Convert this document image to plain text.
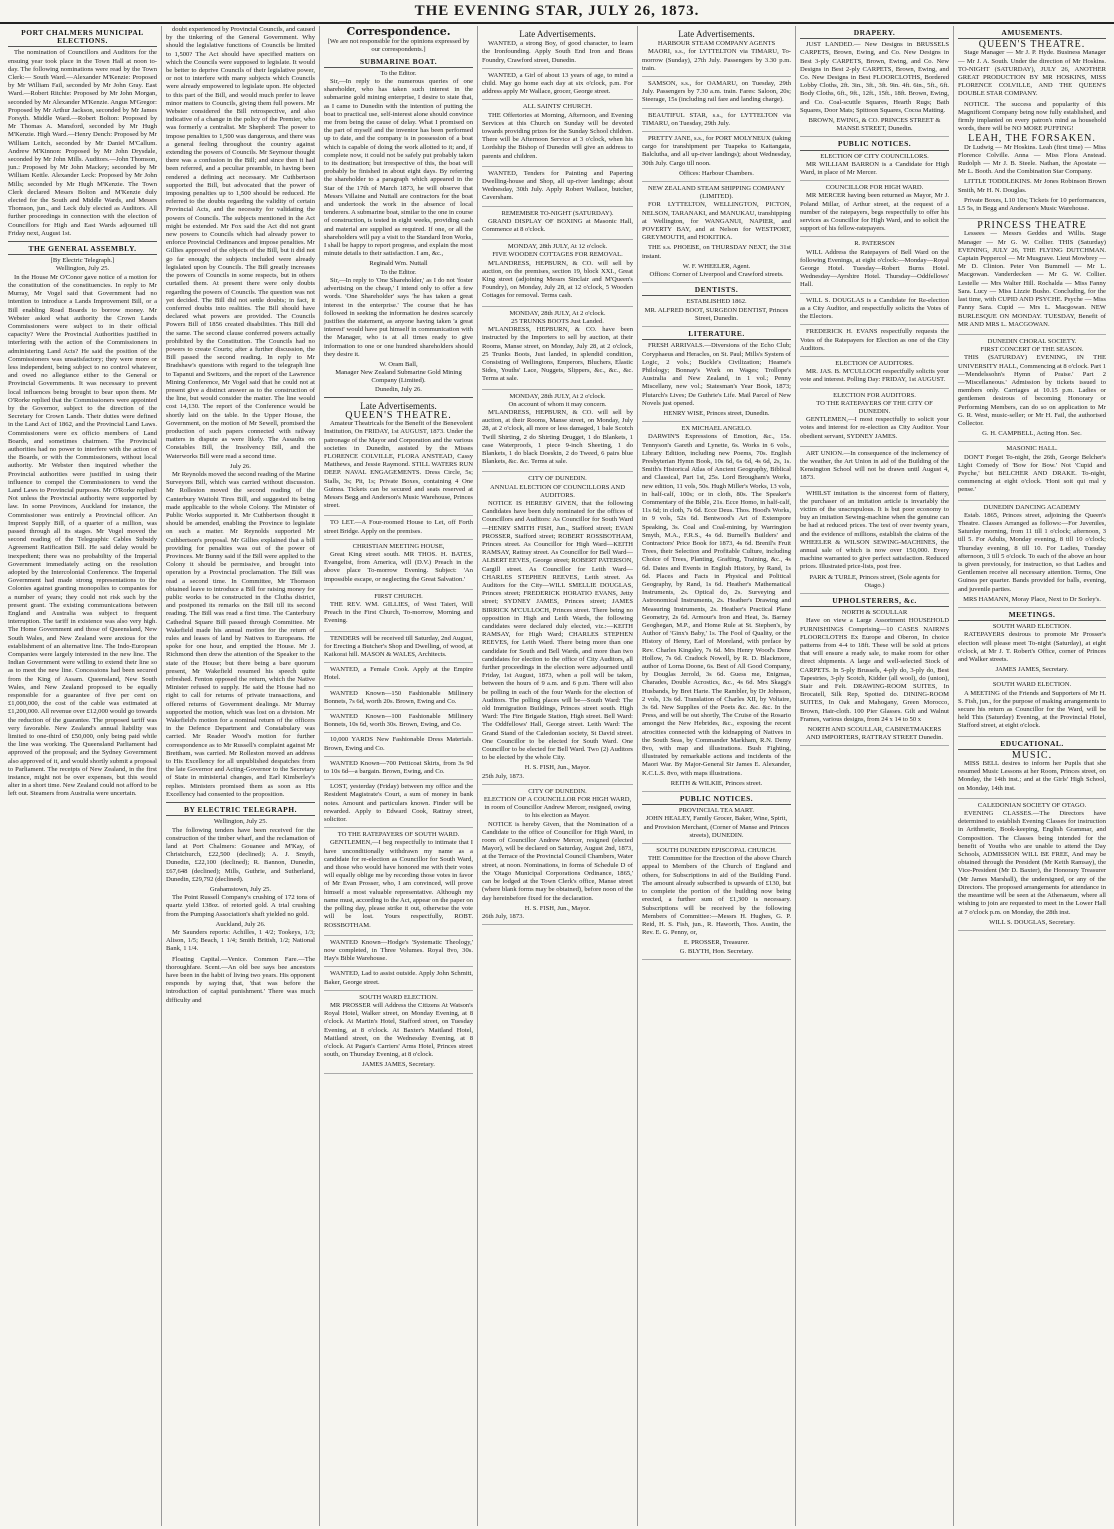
THE EVENING STAR, JULY 26, 1873.
PORT CHALMERS MUNICIPAL ELECTIONS.

The nomination of Councillors and Auditors for the ensuing year took place in the Town Hall at noon to-day. The following nominations were read by the Town Clerk:— South Ward.—Alexander M'Kenzie: Proposed by Mr William Fail, seconded by Mr John Gray. East Ward.—Robert Ritchie: Proposed by Mr John Morgan, seconded by Mr Alexander M'Kenzie. Angus M'Gregor: Proposed by Mr Arthur Jackson, seconded by Mr James Forsyth. Middle Ward.—Robert Bolton: Proposed by Mr Thomas A. Mansford, seconded by Mr Hugh M'Kenzie. High Ward.—Henry Dench: Proposed by Mr William Leitch, seconded by Mr Daniel M'Callum. Andrew M'Kinnon: Proposed by Mr John Drysdale, seconded by Mr John Mills. Auditors.—John Thomson, jun.: Proposed by Mr John Mackey; seconded by Mr William Kettle. Alexander Leck: Proposed by Mr John Mills; seconded by Mr Hugh M'Kenzie. The Town Clerk declared Messrs Bolton and M'Kenzie duly elected for the South and Middle Wards, and Messrs Thomson, jun., and Leck duly elected as Auditors. All further proceedings in connection with the election of Councillors for High and East Wards adjourned till Friday next, August 1st.

THE GENERAL ASSEMBLY.
[By Electric Telegraph.]
Wellington, July 25.

In the House Mr O'Conor gave notice of a motion for the constitution of the constituencies. In reply to Mr Murray, Mr Vogel said that Government had no intention to introduce a Lands Improvement Bill, or a Bill enabling Road Boards to borrow money. Mr Webster asked what authority the Crown Lands Commissioners were subject to in their official capacity? Were the Provincial Authorities justified in interfering with the action of the Commissioners in administering Land Acts? He said the position of the Commissioners was unsatisfactory; they were more or less independent, being subject to no control whatever, and owed no allegiance either to the General or Provincial Governments. It was necessary to prevent local influences being brought to bear upon them. Mr O'Rorke replied that the Commissioners were appointed by the Governor, subject to the direction of the Secretary for Crown Lands. Their duties were defined in the Land Act of 1862, and the Provincial Land Laws. Commissioners were ex officio members of Land Boards, and sometimes chairmen. The Provincial authorities had no power to interfere with the action of the Boards, or with the Commissioners, without local authority. Mr Webster then inquired whether the Provincial authorities were justified in using their influence to compel the Commissioners to vend the Land Laws to Provincial purposes. Mr O'Rorke replied: Not unless the Provincial authority were supported by law. In some Provinces, Auckland for instance, the Commissioner was entirely a Provincial officer. An Imprest Supply Bill, of a quarter of a million, was passed through all its stages. Mr Vogel moved the second reading of the Telegraphic Cables Subsidy Agreement Ratification Bill. He said delay would be inexpedient; there was no probability of the Imperial Government immediately acting on the resolution adopted by the Intercolonial Conference. The Imperial Government had made strong representations to the Colonies against granting monopolies to companies for a number of years; they could not risk such by the present grant. The existing communications between England and Australia was subject to frequent interruption. The tariff in existence was also very high. The Home Government and those of Queensland, New South Wales, and New Zealand were anxious for the establishment of an alternative line. The Indo-European Companies were largely interested in the new line. The Indian Government were willing to extend their line so as to meet the new line. Concessions had been secured from the King of Assam. Queensland, New South Wales, and New Zealand proposed to be equally responsible for a guarantee of five per cent on £1,000,000, the cost of the cable was estimated at £1,200,000. All revenue over £12,000 would go towards the reduction of the guarantee. The proposed tariff was very favorable. New Zealand's annual liability was limited to one-third of £50,000, only being paid while the line was working. The Queensland Parliament had approved of the proposal; and the Sydney Government also approved of it, and would shortly submit a proposal to Parliament. The receipts of New Zealand, in the first instance, might not be over expenses, but this would alter in a short time. New Zealand could not afford to be left out. Steamers from Australia were uncertain.

doubt experienced by Provincial Councils, and caused by the tinkering of the General Government. Why should the legislative functions of Councils be limited to 1,500? The Act should have specified matters on which the Councils were supposed to legislate. It would be better to deprive Councils of their legislative power, or not to interfere with many subjects which Councils were already empowered to legislate upon. He objected to this part of the Bill, and would much prefer to leave minor matters to Councils, giving them full powers. Mr Webster considered the Bill retrospective, and also indicative of a change in the policy of the Premier, who was formerly a centralist. Mr Shepherd: The power to impose penalties to 1,500 was dangerous, and there was a general feeling throughout the country against extending the powers of Councils. Mr Seymour thought there was a confusion in the Bill; and since then it had been referred, and a peculiar preamble, in having been rendered a defining act necessary. Mr Cuthbertson supported the Bill, but advocated that the power of imposing penalties up to 1,500 should be reduced. He referred to the doubts regarding the validity of certain Provincial Acts, and the necessity for validating the powers of Councils. The subjects mentioned in the Act might be extended. Mr Fox said the Act did not grant new powers to Councils which had already power to enforce Provincial Ordinances and impose penalties. Mr Gillies approved of the objects of the Bill, but it did not go far enough; the subjects included were already legislated upon by Councils. The Bill greatly increases the powers of Councils in some respects, but in others curtailed them. At present there were only doubts regarding the powers of Councils. The question was not yet decided. The Bill did not settle doubts; in fact, it conferred doubts into realities. The Bill should have declared what powers are provided. The Councils Powers Bill of 1856 created disabilities. This Bill did the same. The second clause conferred powers actually prohibited by the Constitution. The Councils had no powers to create Courts; after a further discussion, the Bill passed the second reading. In reply to Mr Bradshaw's questions with regard to the telegraph line to Tapanui and Switzers, and the report of the Lawrence Mining Conference, Mr Vogel said that he could not at present give a distinct answer as to the construction of the line, but would consider the matter. The line would cost 14,130. The report of the Conference would be shortly laid on the table. In the Upper House, the Government, on the motion of Mr Sewell, promised the production of such papers connected with railway matters in dispute as were likely. The Assaults on Constables Bill, the Insolvency Bill, and the Waterworks Bill were read a second time.

July 26.

Mr Reynolds moved the second reading of the Marine Surveyors Bill, which was carried without discussion. Mr Rolleston moved the second reading of the Canterbury Waitohi Tires Bill, and suggested its being made applicable to the whole Colony. The Minister of Public Works supported it. Mr Cuthbertson thought it should be amended, enabling the Province to legislate on such a matter. Mr Reynolds supported Mr Cuthbertson's proposal. Mr Gillies explained that a bill providing for penalties was out of the power of Provinces. Mr Bunny said if the Bill were applied to the Colony it should be permissive, and brought into operation by a Provincial proclamation. The Bill was read a second time. In Committee, Mr Thomson obtained leave to introduce a Bill for raising money for public works to be constructed in the Clutha district, and postponed its remarks on the Bill till its second reading. The Bill was read a first time. The Canterbury Cathedral Square Bill passed through Committee. Mr Wakefield made his annual motion for the return of rules and leases of land by Natives to Europeans. He spoke for one hour, and emptied the House. Mr J. Richmond then drew the attention of the Speaker to the state of the House; but there being a bare quorum present, Mr Wakefield resumed his speech quite refreshed. Fenton opposed the return, which the Native Minister refused to supply. He said the House had no right to call for returns of private transactions, and offered returns of Government dealings. Mr Murray supported the motion, which was lost on a division. Mr Wakefield's motion for a nominal return of the officers in the Defence Department and Constabulary was carried. Mr Reader Wood's motion for further correspondence as to Mr Russell's complaint against Mr Brettham, was carried. Mr Rolleston moved an address to His Excellency for all unpublished despatches from the late Governor and Acting-Governor to the Secretary of State in ministerial changes, and Earl Kimberley's replies. Ministers promised them as soon as His Excellency had consented to the proposition.

BY ELECTRIC TELEGRAPH.
Wellington, July 25.

The following tenders have been received for the construction of the timber wharf, and the reclamation of land at Port Chalmers: Gouanee and M'Kay, of Christchurch, £22,500 (declined); A. J. Smyth, Dunedin, £22,100 (declined); R. Bannon, Dunedin, £67,648 (declined); Mills, Guthrie, and Sutherland, Dunedin, £29,792 (declined).

Grahamstown, July 25.

The Point Russell Company's crushing of 172 tons of quartz yield 138oz. of retorted gold. A trial crushing from the Pumping Association's shaft yielded no gold.

Auckland, July 26.

Mr Saunders reports: Achilles, 1 4/2; Tookeys, 1/3; Alison, 1/5; Beach, 1 1/4; Smith British, 1/2; National Bank, 1 1/4.

Floating Capital.—Venice. Common Fare.—The thoroughfare. Scent.—An old bee says bee ancestors have been in the habit of living two years. His opponent responds by saying that, 'that was before the introduction of capital punishment.' There was much difficulty and

Correspondence.
[We are not responsible for the opinions expressed by our correspondents.]
SUBMARINE BOAT.
To the Editor.

Sir,—In reply to the numerous queries of one shareholder, who has taken such interest in the submarine gold mining enterprise, I desire to state that, as I came to Dunedin with the intention of putting the boat to practical use, self-interest alone should convince me from being the cause of delay. What I promised on the part of myself and the inventor has been performed up to date, and the company is in possession of a boat which is capable of doing the work allotted to it; and, if complete now, it could not be safely put probably taken to its destination; but irrespective of this, the boat will probably be finished in about eight days. By referring the shareholder to a paragraph which appeared in the Star of the 17th of March 1873, he will observe that Messrs Villaine and Nuttall are contractors for the boat and undertook the work in the absence of local tenderers. A submarine boat, similar to the one in course of construction, is tested in eight weeks, providing cash and material are supplied as required. If one, or all the shareholders will pay a visit to the Standard Iron Works, I shall be happy to report progress, and explain the most minute details to their satisfaction. I am, &c.,

Reginald Wm. Nuttall
To the Editor.

Sir,—In reply to 'One Shareholder,' as I do not 'foster advertising on the cheap,' I intend only to offer a few words. 'One Shareholder' says 'he has taken a great interest in the enterprise.' The course that he has followed in seeking the information he desires scarcely justifies the statement, as anyone having taken 'a great interest' would have put himself in communication with the Manager, who is at all times ready to give information to one or one hundred shareholders should they desire it.

W. Oram Ball,
Manager New Zealand Submarine Gold Mining Company (Limited).
Dunedin, July 26.
Late Advertisements.
QUEEN'S THEATRE.
Amateur Theatricals for the Benefit of the Benevolent Institution, On FRIDAY, 1st AUGUST, 1873. Under the patronage of the Mayor and Corporation and the various societies in Dunedin, assisted by the Misses FLORENCE COLVILLE, FLORA ANSTEAD, Cassy Matthews, and Jessie Raymond. STILL WATERS RUN DEEP. NAVAL ENGAGEMENTS. Dress Circle, 5s; Stalls, 3s; Pit, 1s; Private Boxes, containing 4 One Guinea. Tickets can be secured and seats reserved at Messrs Begg and Anderson's Music Warehouse, Princes street.
TO LET.—A Four-roomed House to Let, off Forth street Bridge. Apply on the premises.
CHRISTIAN MEETING HOUSE,
Great King street south. MR THOS. H. BATES, Evangelist, from America, will (D.V.) Preach in the above place To-morrow Evening. Subject: 'An impossible escape, or neglecting the Great Salvation.'
FIRST CHURCH.
THE REV. WM. GILLIES, of West Taieri, Will Preach in the First Church, To-morrow, Morning and Evening.
TENDERS will be received till Saturday, 2nd August, for Erecting a Butcher's Shop and Dwelling, of wood, at Kaikorai hill. MASON & WALES, Architects.
WANTED, a Female Cook. Apply at the Empire Hotel.
WANTED Known—150 Fashionable Millinery Bonnets, 7s 6d, worth 20s. Brown, Ewing and Co.
WANTED Known—100 Fashionable Millinery Bonnets, 10s 6d, worth 30s. Brown, Ewing, and Co.
10,000 YARDS New Fashionable Dress Materials. Brown, Ewing and Co.
WANTED Known—700 Petticoat Skirts, from 3s 9d to 10s 6d—a bargain. Brown, Ewing, and Co.
LOST, yesterday (Friday) between my office and the Resident Magistrate's Court, a sum of money in bank notes. Amount and particulars known. Finder will be rewarded. Apply to Edward Cook, Rattray street, solicitor.
TO THE RATEPAYERS OF SOUTH WARD.
GENTLEMEN,—I beg respectfully to intimate that I have unconditionally withdrawn my name as a candidate for re-election as Councillor for South Ward, and those who would have honored me with their votes will equally oblige me by recording those votes in favor of Mr Evan Prosser, who, I am convinced, will prove himself a most valuable representative. Although my name must, according to the Act, appear on the paper on the polling day, please strike it out, otherwise the vote will be lost. Yours respectfully, ROBT. ROSSBOTHAM.
WANTED Known—Hodge's 'Systematic Theology,' now completed, in Three Volumes. Royal 8vo, 30s. Hay's Bible Warehouse.
WANTED, Lad to assist outside. Apply John Schmitt, Baker, George street.
SOUTH WARD ELECTION.
MR PROSSER will Address the Citizens At Watson's Royal Hotel, Walker street, on Monday Evening, at 8 o'clock. At Martin's Hotel, Stafford street, on Tuesday Evening, at 8 o'clock. At Baxter's Maitland Hotel, Maitland street, on the Wednesday Evening, at 8 o'clock. At Pagan's Carriers' Arms Hotel, Princes street south, on Thursday Evening, at 8 o'clock.
JAMES JAMES, Secretary.
Late Advertisements.
WANTED, a strong Boy, of good character, to learn the Ironfounding. Apply South End Iron and Brass Foundry, Crawford street, Dunedin.
WANTED, a Girl of about 13 years of age, to mind a child. May go home each day at six o'clock, p.m. For address apply Mr Wallace, grocer, George street.
ALL SAINTS' CHURCH.
THE Offertories at Morning, Afternoon, and Evening Services at this Church on Sunday will be devoted towards providing prizes for the Sunday School children. There will be Afternoon Service at 3 o'clock, when his Lordship the Bishop of Dunedin will give an address to parents and children.
WANTED, Tenders for Painting and Papering Dwelling-house and Shop, all up-river landings; about Wednesday, 30th July. Apply Robert Wallace, butcher, Caversham.
REMEMBER TO-NIGHT (SATURDAY).
GRAND DISPLAY OF BOXING at Masonic Hall, Commence at 8 o'clock.
MONDAY, 28th JULY, At 12 o'clock.
FIVE WOODEN COTTAGES FOR REMOVAL.
M'LANDRESS, HEPBURN, & CO. will sell by auction, on the premises, section 19, block XXI., Great King street (adjoining Messrs Sinclair and M'Queen's Foundry), on Monday, July 28, at 12 o'clock, 5 Wooden Cottages for removal. Terms cash.
MONDAY, 28th JULY, At 2 o'clock.
25 TRUNKS BOOTS Just Landed.
M'LANDRESS, HEPBURN, & CO. have been instructed by the Importers to sell by auction, at their Rooms, Manse street, on Monday, July 28, at 2 o'clock, 25 Trunks Boots, Just landed, in splendid condition, Consisting of Wellingtons, Emperors, Bluchers, Elastic Sides, Youths' Lace, Nuggets, Slippers, &c., &c., &c. Terms at sale.
MONDAY, 28th JULY, At 2 o'clock.
On account of whom it may concern.
M'LANDRESS, HEPBURN, & CO. will sell by auction, at their Rooms, Manse street, on Monday, July 28, at 2 o'clock, all more or less damaged, 1 bale Scotch Twill Shirting, 2 do Shirting Drugget, 1 do Blankets, 1 case Waterproofs, 1 piece 9-inch Sheeting, 1 do Blankets, 1 do black Doeskin, 2 do Tweed, 6 pairs blue Blankets, &c. &c. Terms at sale.
CITY OF DUNEDIN.
ANNUAL ELECTION OF COUNCILLORS AND AUDITORS.
NOTICE IS HEREBY GIVEN, that the following Candidates have been duly nominated for the offices of Councillors and Auditors: As Councillor for South Ward—HENRY SMITH FISH, Jun., Stafford street; EVAN PROSSER, Stafford street; ROBERT ROSSBOTHAM, Princes street. As Councillor for High Ward—KEITH RAMSAY, Rattray street. As Councillor for Bell Ward—ALBERT EEVES, George street; ROBERT PATERSON, Cargill street. As Councillor for Leith Ward—CHARLES STEPHEN REEVES, Leith street. As Auditors for the City—WILL SMELLIE DOUGLAS, Princes street; FREDERICK HORATIO EVANS, Jetty street; SYDNEY JAMES, Princes street; JAMES BIRRICK M'CULLOCH, Princes street. There being no opposition in High and Leith Wards, the following candidates were declared duly elected, viz.:—KEITH RAMSAY, for High Ward; CHARLES STEPHEN REEVES, for Leith Ward. There being more than one candidate for South and Bell Wards, and more than two candidates for election to the office of City Auditors, all further proceedings in the election were adjourned until Friday, 1st August, 1873, when a poll will be taken, between the hours of 9 a.m. and 6 p.m. There will also be polling in each of the four Wards for the election of Auditors. The polling places will be—South Ward: The old Immigration Buildings, Princes street south. High Ward: The Fire Brigade Station, High street. Bell Ward: The Oddfellows' Hall, George street. Leith Ward: The Grand Stand of the Caledonian society, St David street. One Councillor to be elected for South Ward. One Councillor to be elected for Bell Ward. Two (2) Auditors to be elected by the whole City.
H. S. FISH, Jun., Mayor.
25th July, 1873.
CITY OF DUNEDIN.
ELECTION OF A COUNCILLOR FOR HIGH WARD,
in room of Councillor Andrew Mercer, resigned, owing to his election as Mayor.
NOTICE is hereby Given, that the Nomination of a Candidate to the office of Councillor for High Ward, in room of Councillor Andrew Mercer, resigned (elected Mayor), will be declared on Saturday, August 2nd, 1873, at the Terrace of the Provincial Council Chambers, Water street, at noon. Nominations, in forms of Schedule D of the 'Otago Municipal Corporations Ordinance, 1865,' can be lodged at the Town Clerk's office, Manse street (where blank forms may be obtained), before noon of the day hereinbefore fixed for the declaration.
H. S. FISH, Jun., Mayor.
26th July, 1873.
Late Advertisements.
HARBOUR STEAM COMPANY AGENTS
MAORI, s.s., for LYTTELTON via TIMARU, To-morrow (Sunday), 27th July. Passengers by 3.30 p.m. train.
SAMSON, s.s., for OAMARU, on Tuesday, 29th July. Passengers by 7.30 a.m. train. Fares: Saloon, 20s; Steerage, 15s (including rail fare and landing charge).
BEAUTIFUL STAR, s.s., for LYTTELTON via TIMARU, on Tuesday, 29th July.
PRETTY JANE, s.s., for PORT MOLYNEUX (taking cargo for transhipment per Tuapeka to Kaitangata, Balclutha, and all up-river landings); about Wednesday, 30th July. Cargo till noon.
Offices: Harbour Chambers.
NEW ZEALAND STEAM SHIPPING COMPANY (LIMITED).
FOR LYTTELTON, WELLINGTON, PICTON, NELSON, TARANAKI, and MANUKAU, transhipping at Wellington, for WANGANUI, NAPIER, and POVERTY BAY, and at Nelson for WESTPORT, GREYMOUTH, and HOKITIKA.
THE s.s. PHOEBE, on THURSDAY NEXT, the 31st instant.
W. F. WHEELER, Agent.
Offices: Corner of Liverpool and Crawford streets.
DENTISTS.
ESTABLISHED 1862.
MR. ALFRED BOOT, SURGEON DENTIST, Princes Street, Dunedin.
LITERATURE.
FRESH ARRIVALS.—Diversions of the Echo Club; Coryphaeus and Heracles, on St. Paul; Mills's System of Logic, 2 vols.; Buckle's Civilization; Heame's Philology; Bonnay's Work on Wages; Trollope's Australia and New Zealand, in 1 vol.; Penny Miscellany, new vol.; Statesman's Year Book, 1873; Plutarch's Lives; De Guthrie's Life. Mail Parcel of New Novels just opened.
HENRY WISE, Princes street, Dunedin.
EX MICHAEL ANGELO.
DARWIN'S Expressions of Emotion, &c., 15s. Tennyson's Gareth and Lynette, 6s. Works in 6 vols., Library Edition, including new Poems, 70s. English Presbyterian Hymn Book, 10s 6d, 6s 6d, 4s 6d, 2s, 1s. Smith's Historical Atlas of Ancient Geography, Biblical and Classical, Part 1st, 25s. Lord Brougham's Works, new edition, 11 vols, 50s. Hugh Miller's Works, 13 vols, in half-calf, 100s; or in cloth, 80s. The Speaker's Commentary of the Bible, 21s. Ecce Homo, in half-calf, 11s 6d; in cloth, 7s 6d. Ecce Deus. Thos. Hood's Works, in 9 vols, 52s 6d. Bentwood's Art of Extempore Speaking, 3s. Coal and Coal-mining, by Warrington Smyth, M.A., F.R.S., 4s 6d. Burnell's Builders' and Contractors' Price Book for 1873, 4s 6d. Brenil's Fruit Trees, their Selection and Profitable Culture, including Choice of Trees, Planting, Grafting, Training, &c., 4s 6d. Dates and Events in English History, by Rand, 1s 6d. Places and Facts in Physical and Political Geography, by Rand, 1s 6d. Heather's Mathematical Instruments, 2s. Optical do, 2s. Surveying and Astronomical Instruments, 2s. Heather's Drawing and Measuring Instruments, 2s. Heather's Practical Plane Geometry, 2s 6d. Armour's Iron and Heat, 3s. Barney Geoghegan, M.P., and Home Rule at St. Stephen's, by Author of 'Ginx's Baby,' 1s. The Fool of Quality, or the History of Henry, Earl of Moreland, with preface by Rev. Charles Kingsley, 7s 6d. Mrs Henry Wood's Dene Hollow, 7s 6d. Cradock Nowell, by R. D. Blackmore, author of Lorna Doone, 6s. Best of All Good Company, by Douglas Jerrold, 3s 6d. Guess me, Enigmas, Charades, Double Acrostics, &c., 4s 6d. Mrs Skagg's Husbands, by Bret Harte. The Rambler, by Dr Johnson, 2 vols, 13s 6d. Translation of Charles XII, by Voltaire, 3s 6d. New Supplies of the Poets &c. &c. &c. In the Press, and will be out shortly, The Cruise of the Rosario amongst the New Hebrides, &c., exposing the recent atrocities connected with the kidnapping of Natives in the South Seas, by Commander Markham, R.N. Demy 8vo, with map and illustrations. Bush Fighting, illustrated by remarkable actions and incidents of the Maori War. By Major-General Sir James E. Alexander, K.C.L.S. 8vo, with maps illustrations.
REITH & WILKIE, Princes street.
PUBLIC NOTICES.
PROVINCIAL TEA MART.
JOHN HEALEY, Family Grocer, Baker, Wine, Spirit, and Provision Merchant, (Corner of Manse and Princes streets), DUNEDIN.
SOUTH DUNEDIN EPISCOPAL CHURCH.
THE Committee for the Erection of the above Church appeal to Members of the Church of England and others, for Subscriptions in aid of the Building Fund. The amount already subscribed is upwards of £130, but to complete the portion of the building now being erected, a further sum of £1,300 is necessary. Subscriptions will be received by the following Members of Committee:—Messrs H. Hughes, G. P. Reid, H. S. Fish, jun., R. Haworth, Thos. Austin, the Rev. E. G. Penny, or,
E. PROSSER, Treasurer.
G. BLYTH, Hon. Secretary.
DRAPERY.
JUST LANDED.— New Designs in BRUSSELS CARPETS, Brown, Ewing, and Co. New Designs in Best 3-ply CARPETS, Brown, Ewing, and Co. New Designs in Best 2-ply CARPETS, Brown, Ewing, and Co. New Designs in Best FLOORCLOTHS, Bordered Lobby Cloths, 2ft. 3in., 3ft., 3ft. 9in. 4ft. 6in., 5ft., 6ft. Body Cloths, 6ft., 9ft., 12ft., 15ft., 18ft. Brown, Ewing, and Co. Coal-scuttle Squares, Hearth Rugs; Bath Squares, Door Mats; Spittoon Squares, Cocoa Matting.
BROWN, EWING, & CO. PRINCES STREET & MANSE STREET, Dunedin.
PUBLIC NOTICES.
ELECTION OF CITY COUNCILLORS.
MR WILLIAM BARRON is a Candidate for High Ward, in place of Mr Mercer.
COUNCILLOR FOR HIGH WARD.
MR MERCER having been returned as Mayor, Mr J. Poland Millar, of Arthur street, at the request of a number of the ratepayers, begs respectfully to offer his services as Councillor for High Ward, and to solicit the support of his fellow-ratepayers.
R. PATERSON
WILL Address the Ratepayers of Bell Ward on the following Evenings, at eight o'clock:—Monday—Royal George Hotel. Tuesday—Robert Burns Hotel. Wednesday—Ayrshire Hotel. Thursday—Oddfellows' Hall.
WILL S. DOUGLAS is a Candidate for Re-election as a City Auditor, and respectfully solicits the Votes of the Electors.
FREDERICK H. EVANS respectfully requests the Votes of the Ratepayers for Election as one of the City Auditors.
ELECTION OF AUDITORS.
MR. JAS. B. M'CULLOCH respectfully solicits your vote and interest. Polling Day: FRIDAY, 1st AUGUST.
ELECTION FOR AUDITORS.
TO THE RATEPAYERS OF THE CITY OF DUNEDIN.
GENTLEMEN,—I most respectfully to solicit your votes and interest for re-election as City Auditor. Your obedient servant, SYDNEY JAMES.
ART UNION.—In consequence of the inclemency of the weather, the Art Union in aid of the Building of the Kensington School will not be drawn until August 4, 1873.
WHILST imitation is the sincerest form of flattery, the purchaser of an imitation article is invariably the victim of the unscrupulous. It is but poor economy to buy an imitation Sewing-machine when the genuine can be had at reduced prices. The test of over twenty years, and the evidence of millions, establish the claims of the WHEELER & WILSON SEWING-MACHINES, the annual sale of which is now over 150,000. Every machine warranted to give perfect satisfaction. Reduced prices. Illustrated price-lists, post free.
PARK & TURLE, Princes street, (Sole agents for Otago.)
UPHOLSTERERS, &c.
NORTH & SCOULLAR
Have on view a Large Assortment HOUSEHOLD FURNISHINGS Comprising—10 CASES NAIRN'S FLOORCLOTHS Ex Europe and Oberon, In choice patterns from 4-4 to 18ft. These will be sold at prices that will ensure a ready sale, to make room for other direct shipments. A large and well-selected Stock of CARPETS. In 5-ply Brussels, 4-ply do, 3-ply do, Best Tapestries, 3-ply Scotch, Kidder (all wool), do (union), Stair and Felt. DRAWING-ROOM SUITES, In Brocatell, Silk Rep, Spotted do. DINING-ROOM SUITES, In Oak and Mahogany, Green Morocco, Brown, Hair-cloth. 100 Pier Glasses. Gilt and Walnut Frames, various designs, from 24 x 14 to 50 x
NORTH AND SCOULLAR, CABINETMAKERS AND IMPORTERS, RATTRAY STREET Dunedin.
AMUSEMENTS.
QUEEN'S THEATRE.
Stage Manager — Mr J. P. Hyde. Business Manager — Mr J. A. South. Under the direction of Mr Hoskins. TO-NIGHT (SATURDAY), JULY 26, ANOTHER GREAT PRODUCTION BY MR HOSKINS, MISS FLORENCE COLVILLE, AND THE QUEEN'S DOUBLE STAR COMPANY.
NOTICE. The success and popularity of this Magnificent Company being now fully established, and firmly implanted on every patron's mind as household words, there will be NO MORE PUFFING!
LEAH, THE FORSAKEN.
Dr Ludwig — Mr Hoskins. Leah (first time) — Miss Florence Colville. Anna — Miss Flora Anstead. Rudolph — Mr J. B. Steele. Nathan, the Apostate — Mr L. Booth. And the Combination Star Company.
LITTLE TODDLEKINS. Mr Jones Robinson Brown Smith, Mr H. N. Douglas.
Private Boxes, L10 10s; Tickets for 10 performances, L5 5s, in Begg and Anderson's Music Warehouse.
PRINCESS THEATRE
Lessees — Messrs Geddes and Willis. Stage Manager — Mr G. W. Collier. THIS (Saturday) EVENING, JULY 26, THE FLYING DUTCHMAN. Captain Peppercol — Mr Musgrave. Lieut Mowbrey — Mr D. Clinton. Peter Von Bummell — Mr L. Macgowan. Vanderdecken — Mr G. W. Collier. Lestelle — Mrs Walter Hill. Rochalda — Miss Fanny Sara. Lucy — Miss Lizzie Busho. Concluding, for the last time, with CUPID AND PSYCHE. Psyche — Miss Fanny Sara. Cupid — Mrs L. Macgowan. NEW BURLESQUE ON MONDAY. TUESDAY, Benefit of MR AND MRS L. MACGOWAN.
DUNEDIN CHORAL SOCIETY.
FIRST CONCERT OF THE SEASON.
THIS (SATURDAY) EVENING, IN THE UNIVERSITY HALL, Commencing at 8 o'clock. Part 1—'Mendelssohn's Hymn of Praise.' Part 2—'Miscellaneous.' Admission by tickets issued to members only. Carriages at 10.15 p.m. Ladies or gentlemen desirous of becoming Honorary or Performing Members, can do so on application to Mr G. R. West, music-seller; or Mr H. Fail, the authorised Collector.
G. H. CAMPBELL, Acting Hon. Sec.
MASONIC HALL.
DON'T Forget To-night, the 26th, George Belcher's Light Comedy of 'Bow for Bow.' Not 'Cupid and Psyche,' but BELCHER AND DRAKE. To-night, commencing at eight o'clock. 'Honi soit qui mal y pense.'
DUNEDIN DANCING ACADEMY
Estab. 1865, Princes street, adjoining the Queen's Theatre. Classes Arranged as follows:—For Juveniles, Saturday morning, from 11 till 1 o'clock; afternoon, 3 till 5. For Adults, Monday evening, 8 till 10 o'clock; Thursday evening, 8 till 10. For Ladies, Tuesday afternoon, 3 till 5 o'clock. To each of the above an hour is given previously, for instruction, so that Ladies and Gentlemen receive all necessary attention. Terms, One Guinea per quarter. Bands provided for balls, evening, and juvenile parties.
MRS HAMANN, Moray Place, Next to Dr Sorley's.
MEETINGS.
SOUTH WARD ELECTION.
RATEPAYERS desirous to promote Mr Prosser's election will please meet To-night (Saturday), at eight o'clock, at Mr J. T. Robert's Office, corner of Princes and Walker streets.
JAMES JAMES, Secretary.
SOUTH WARD ELECTION.
A MEETING of the Friends and Supporters of Mr H. S. Fish, jun., for the purpose of making arrangements to secure his return as Councillor for the Ward, will be held This (Saturday) Evening, at the Provincial Hotel, Stafford street, at eight o'clock.
EDUCATIONAL.
MUSIC.
MISS BELL desires to inform her Pupils that she resumed Music Lessons at her Room, Princes street, on Monday, the 14th inst.; and at the Girls' High School, on Monday, 14th inst.
CALEDONIAN SOCIETY OF OTAGO.
EVENING CLASSES.—The Directors have determined to establish Evening Classes for instruction in Arithmetic, Book-keeping, English Grammar, and Composition. The Classes being intended for the benefit of Youths who are unable to attend the Day Schools, ADMISSION WILL BE FREE, And may be obtained through the President (Mr Keith Ramsay), the Vice-President (Mr D. Baxter), the Honorary Treasurer (Mr James Marshall), the undersigned, or any of the Directors. The proposed arrangements for attendance in the meantime will be seen at the Athenaeum, where all wishing to join are requested to meet in the Lower Hall at 7 o'clock p.m. on Monday, the 28th inst.
WILL S. DOUGLAS, Secretary.
